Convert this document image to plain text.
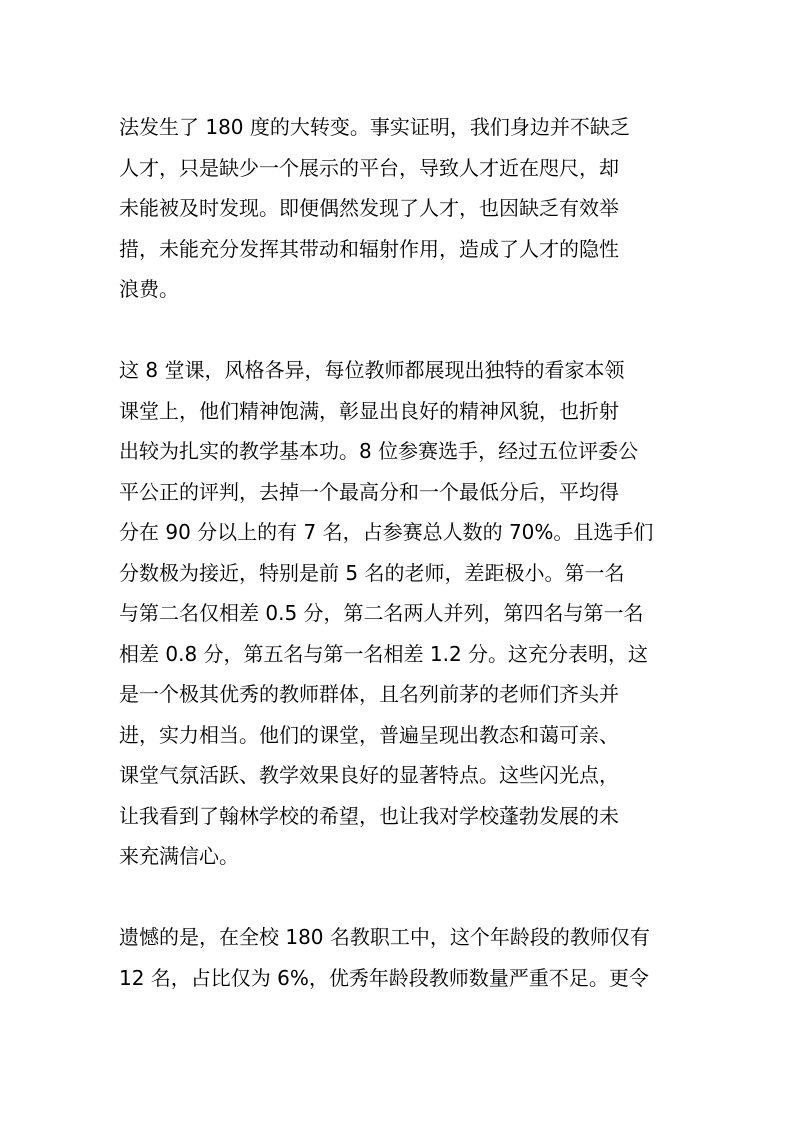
法发生了 180 度的大转变。事实证明，我们身边并不缺乏
人才，只是缺少一个展示的平台，导致人才近在咫尺，却
未能被及时发现。即便偶然发现了人才，也因缺乏有效举
措，未能充分发挥其带动和辐射作用，造成了人才的隐性
浪费。
这 8 堂课，风格各异，每位教师都展现出独特的看家本领
课堂上，他们精神饱满，彰显出良好的精神风貌，也折射
出较为扎实的教学基本功。8 位参赛选手，经过五位评委公
平公正的评判，去掉一个最高分和一个最低分后，平均得
分在 90 分以上的有 7 名，占参赛总人数的 70%。且选手们
分数极为接近，特别是前 5 名的老师，差距极小。第一名
与第二名仅相差 0.5 分，第二名两人并列，第四名与第一名
相差 0.8 分，第五名与第一名相差 1.2 分。这充分表明，这
是一个极其优秀的教师群体，且名列前茅的老师们齐头并
进，实力相当。他们的课堂，普遍呈现出教态和蔼可亲、
课堂气氛活跃、教学效果良好的显著特点。这些闪光点，
让我看到了翰林学校的希望，也让我对学校蓬勃发展的未
来充满信心。
遗憾的是，在全校 180 名教职工中，这个年龄段的教师仅有
12 名，占比仅为 6%，优秀年龄段教师数量严重不足。更令
